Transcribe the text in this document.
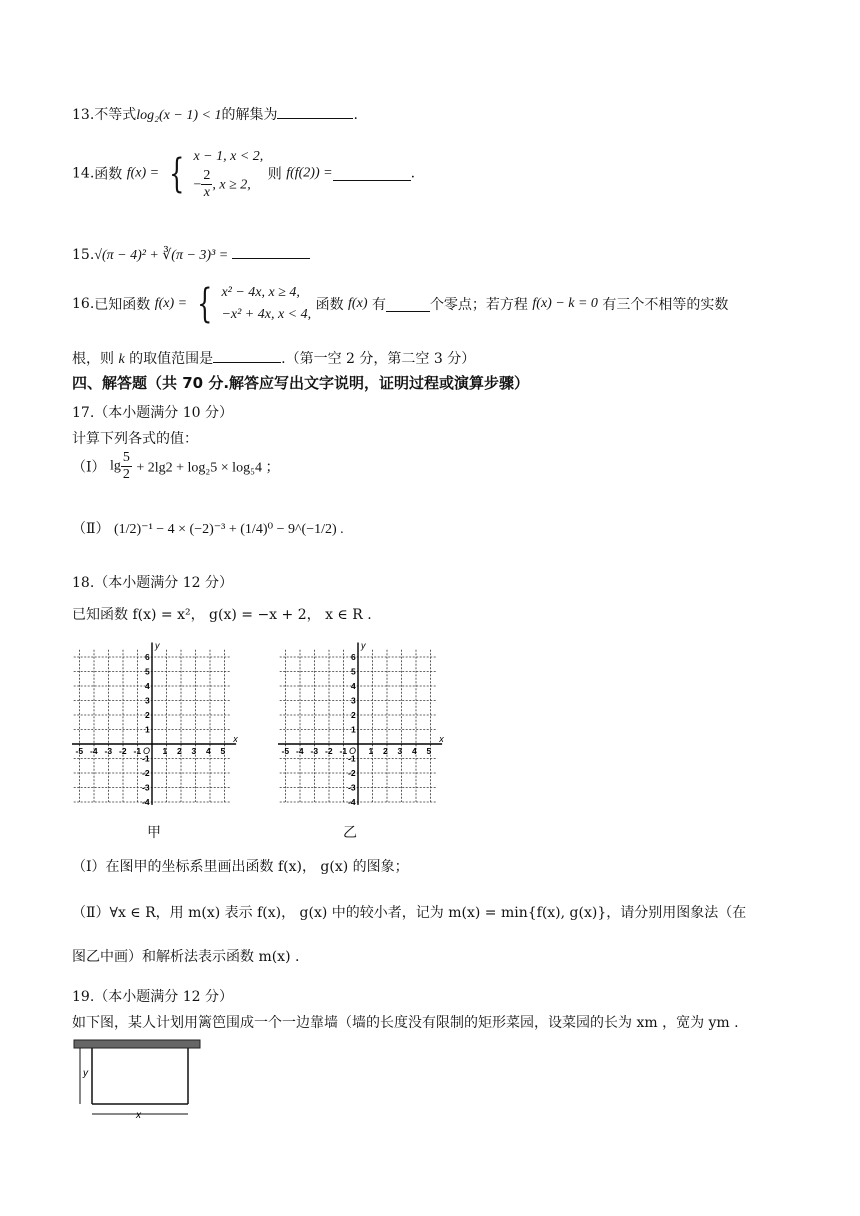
13.不等式log₂(x − 1) < 1的解集为	.
14.函数 f(x) = { x − 1, x < 2,
− $\frac{2}{x}$ , x ≥ 2,
则 f(f(2)) =	.
15.√(π − 4)² + ∛(π − 3)³ =
16.已知函数 f(x) = { x² − 4x, x ≥ 4,
−x² + 4x, x < 4,
函数 f(x) 有	个零点；若方程 f(x) − k = 0 有三个不相等的实数
根，则 k 的取值范围是	.（第一空 2 分，第二空 3 分）
四、解答题（共 70 分.解答应写出文字说明，证明过程或演算步骤）
17.（本小题满分 10 分）
计算下列各式的值：
（Ⅰ） $\lg \frac{5}{2} + 2\lg 2 + \log_25 \times \log_54$ ；
（Ⅱ） (1/2)⁻¹ − 4 × (−2)⁻³ + (1/4)⁰ − 9^(−1/2) .
18.（本小题满分 12 分）
已知函数 f(x) = x²， g(x) = −x + 2， x ∈ R .
y
x
O
-5 -4 -3 -2 -1	1 2 3 4 5
6
5
4
3
2
1
-1
-2
-3
-4
y
x
O
-5 -4 -3 -2 -1	1 2 3 4 5
6
5
4
3
2
1
-1
-2
-3
-4
甲	乙
（Ⅰ）在图甲的坐标系里画出函数 f(x)， g(x) 的图象；
（Ⅱ）∀x ∈ R，用 m(x) 表示 f(x)， g(x) 中的较小者，记为 m(x) = min{f(x), g(x)}，请分别用图象法（在
图乙中画）和解析法表示函数 m(x) .
19.（本小题满分 12 分）
如下图，某人计划用篱笆围成一个一边靠墙（墙的长度没有限制的矩形菜园，设菜园的长为 xm ，宽为 ym .
y
x
